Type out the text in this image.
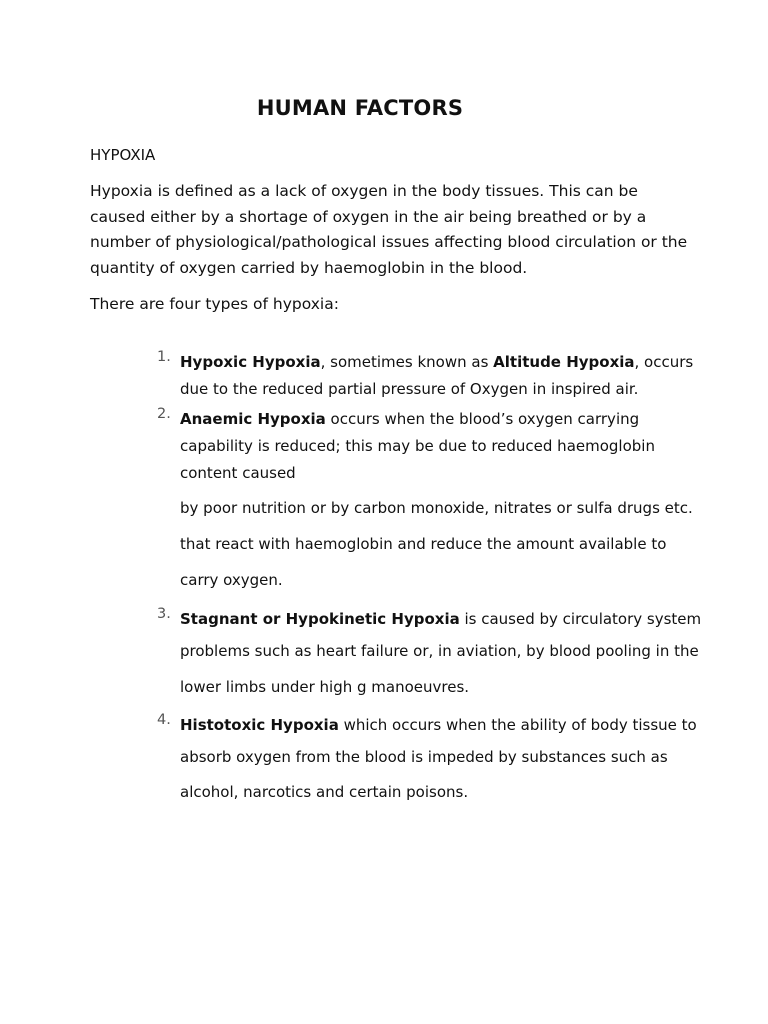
HUMAN FACTORS
HYPOXIA

Hypoxia is defined as a lack of oxygen in the body tissues. This can be caused either by a shortage of oxygen in the air being breathed or by a number of physiological/pathological issues affecting blood circulation or the quantity of oxygen carried by haemoglobin in the blood.

There are four types of hypoxia:

1. Hypoxic Hypoxia, sometimes known as Altitude Hypoxia, occurs
due to the reduced partial pressure of Oxygen in inspired air.
2. Anaemic Hypoxia occurs when the blood’s oxygen carrying
capability is reduced; this may be due to reduced haemoglobin
content caused
by poor nutrition or by carbon monoxide, nitrates or sulfa drugs etc.
that react with haemoglobin and reduce the amount available to
carry oxygen.
3. Stagnant or Hypokinetic Hypoxia is caused by circulatory system
problems such as heart failure or, in aviation, by blood pooling in the
lower limbs under high g manoeuvres.
4. Histotoxic Hypoxia which occurs when the ability of body tissue to
absorb oxygen from the blood is impeded by substances such as
alcohol, narcotics and certain poisons.
